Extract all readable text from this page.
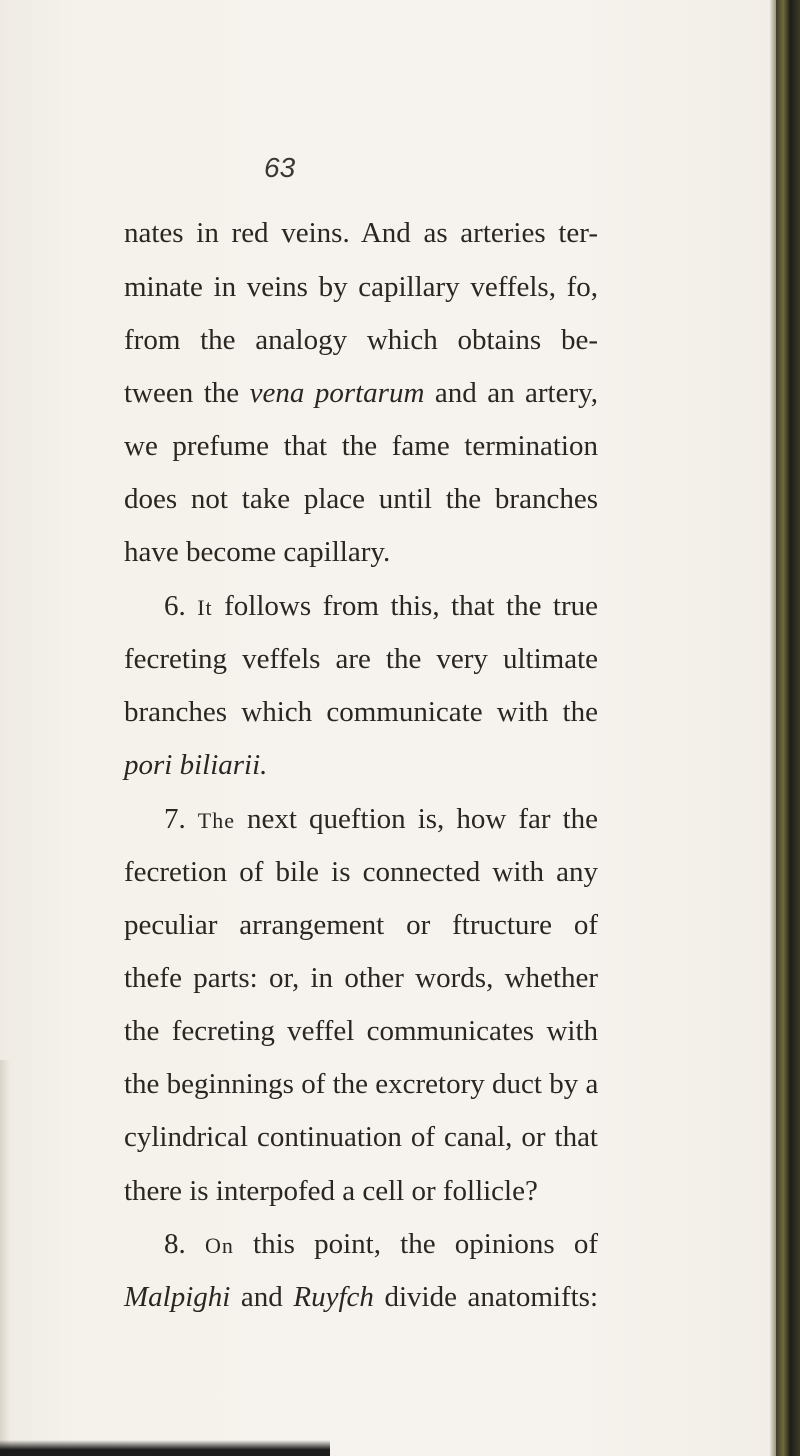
63
nates in red veins. And as arteries ter-
minate in veins by capillary veffels, fo,
from the analogy which obtains be-
tween the vena portarum and an artery,
we prefume that the fame termination
does not take place until the branches
have become capillary.
6. It follows from this, that the true
fecreting veffels are the very ultimate
branches which communicate with the
pori biliarii.
7. The next queftion is, how far the
fecretion of bile is connected with any
peculiar arrangement or ftructure of
thefe parts: or, in other words, whether
the fecreting veffel communicates with
the beginnings of the excretory duct by a
cylindrical continuation of canal, or that
there is interpofed a cell or follicle?
8. On this point, the opinions of
Malpighi and Ruyfch divide anatomifts:
